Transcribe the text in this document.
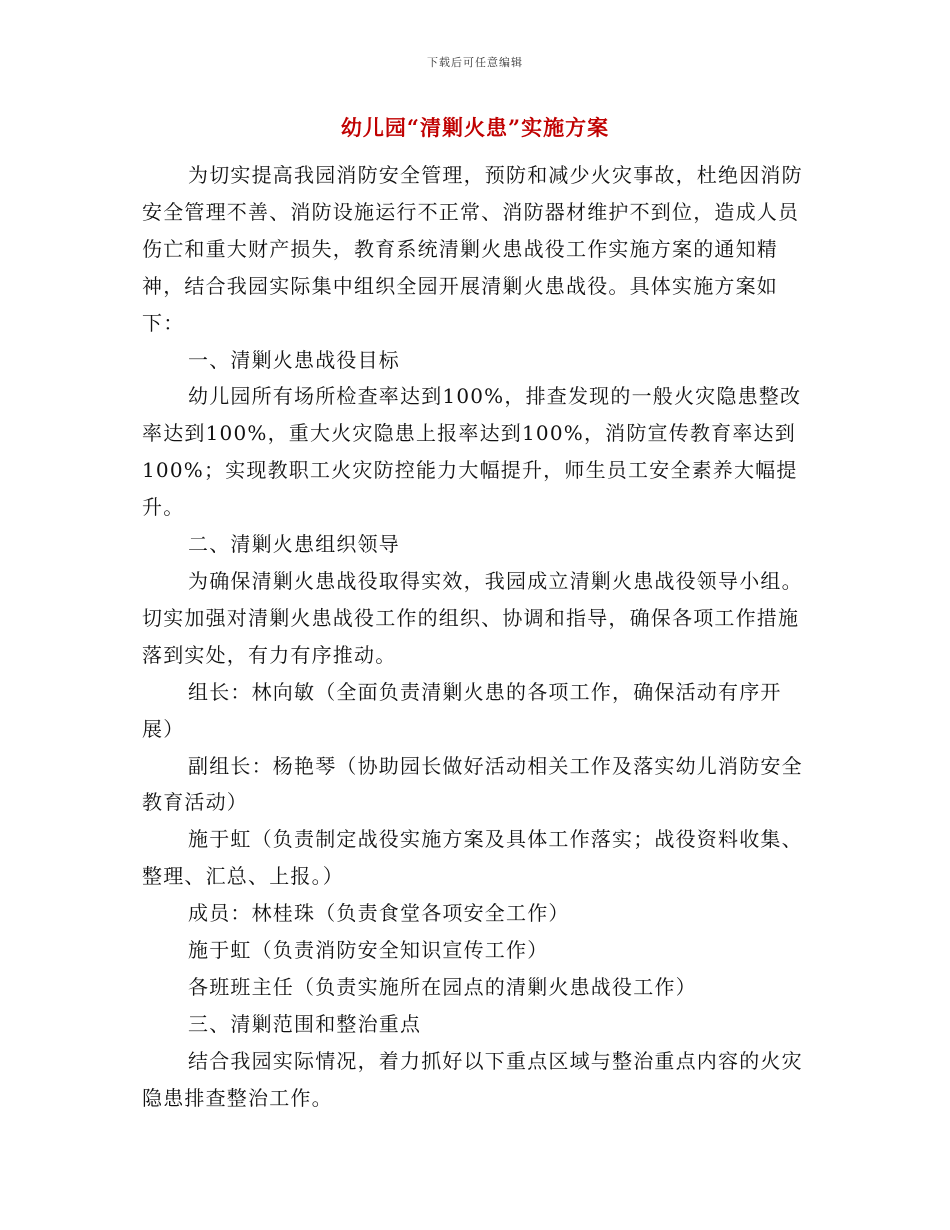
下载后可任意编辑
幼儿园“清剿火患”实施方案

为切实提高我园消防安全管理，预防和减少火灾事故，杜绝因消防安全管理不善、消防设施运行不正常、消防器材维护不到位，造成人员伤亡和重大财产损失，教育系统清剿火患战役工作实施方案的通知精神，结合我园实际集中组织全园开展清剿火患战役。具体实施方案如下：

一、清剿火患战役目标

幼儿园所有场所检查率达到100%，排查发现的一般火灾隐患整改率达到100%，重大火灾隐患上报率达到100%，消防宣传教育率达到100%；实现教职工火灾防控能力大幅提升，师生员工安全素养大幅提升。

二、清剿火患组织领导

为确保清剿火患战役取得实效，我园成立清剿火患战役领导小组。切实加强对清剿火患战役工作的组织、协调和指导，确保各项工作措施落到实处，有力有序推动。

组长：林向敏（全面负责清剿火患的各项工作，确保活动有序开展）

副组长：杨艳琴（协助园长做好活动相关工作及落实幼儿消防安全教育活动）

施于虹（负责制定战役实施方案及具体工作落实；战役资料收集、整理、汇总、上报。）

成员：林桂珠（负责食堂各项安全工作）

施于虹（负责消防安全知识宣传工作）

各班班主任（负责实施所在园点的清剿火患战役工作）

三、清剿范围和整治重点

结合我园实际情况，着力抓好以下重点区域与整治重点内容的火灾隐患排查整治工作。
